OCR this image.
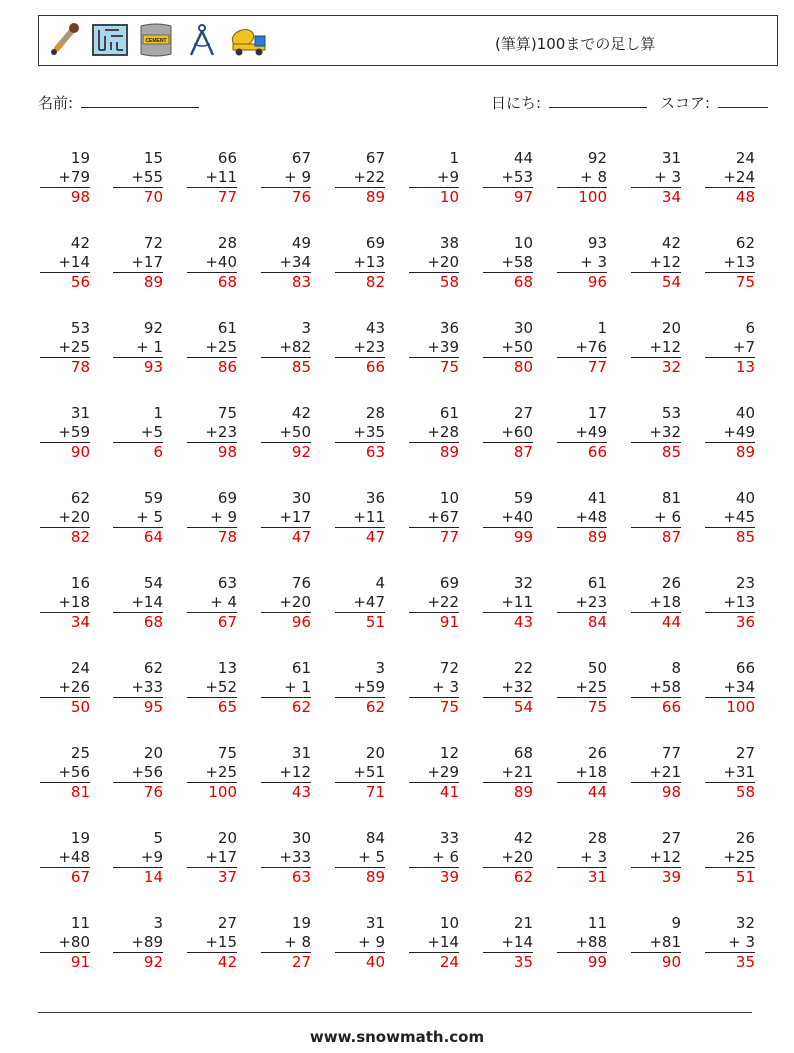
CEMENT	(筆算)100までの足し算
名前:	日にち:	スコア:
19
+79
98
15
+55
70
66
+11
77
67
+ 9
76
67
+22
89
1
+9
10
44
+53
97
92
+ 8
100
31
+ 3
34
24
+24
48
42
+14
56
72
+17
89
28
+40
68
49
+34
83
69
+13
82
38
+20
58
10
+58
68
93
+ 3
96
42
+12
54
62
+13
75
53
+25
78
92
+ 1
93
61
+25
86
3
+82
85
43
+23
66
36
+39
75
30
+50
80
1
+76
77
20
+12
32
6
+7
13
31
+59
90
1
+5
6
75
+23
98
42
+50
92
28
+35
63
61
+28
89
27
+60
87
17
+49
66
53
+32
85
40
+49
89
62
+20
82
59
+ 5
64
69
+ 9
78
30
+17
47
36
+11
47
10
+67
77
59
+40
99
41
+48
89
81
+ 6
87
40
+45
85
16
+18
34
54
+14
68
63
+ 4
67
76
+20
96
4
+47
51
69
+22
91
32
+11
43
61
+23
84
26
+18
44
23
+13
36
24
+26
50
62
+33
95
13
+52
65
61
+ 1
62
3
+59
62
72
+ 3
75
22
+32
54
50
+25
75
8
+58
66
66
+34
100
25
+56
81
20
+56
76
75
+25
100
31
+12
43
20
+51
71
12
+29
41
68
+21
89
26
+18
44
77
+21
98
27
+31
58
19
+48
67
5
+9
14
20
+17
37
30
+33
63
84
+ 5
89
33
+ 6
39
42
+20
62
28
+ 3
31
27
+12
39
26
+25
51
11
+80
91
3
+89
92
27
+15
42
19
+ 8
27
31
+ 9
40
10
+14
24
21
+14
35
11
+88
99
9
+81
90
32
+ 3
35
www.snowmath.com
